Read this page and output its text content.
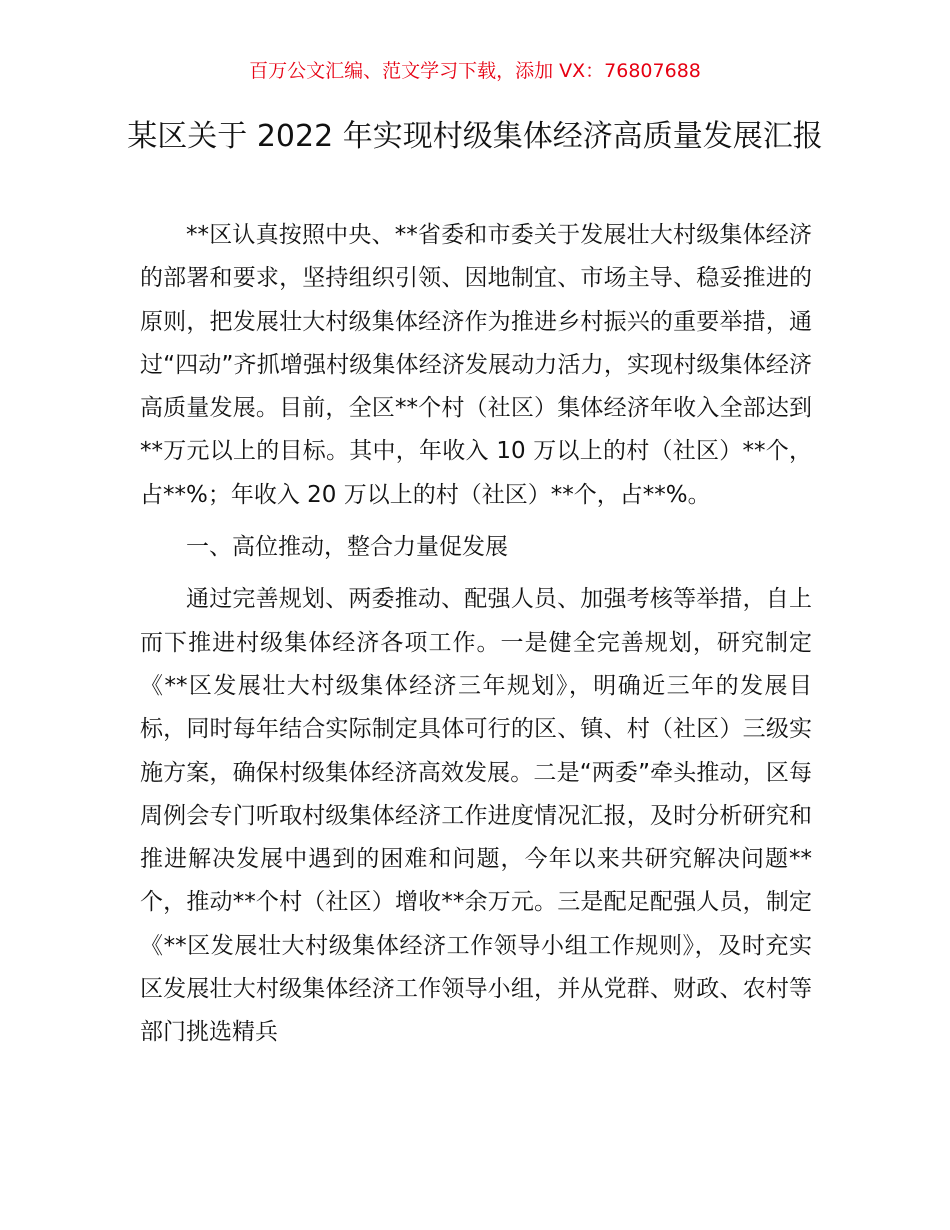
百万公文汇编、范文学习下载，添加 VX：76807688
某区关于 2022 年实现村级集体经济高质量发展汇报

**区认真按照中央、**省委和市委关于发展壮大村级集体经济的部署和要求，坚持组织引领、因地制宜、市场主导、稳妥推进的原则，把发展壮大村级集体经济作为推进乡村振兴的重要举措，通过“四动”齐抓增强村级集体经济发展动力活力，实现村级集体经济高质量发展。目前，全区**个村（社区）集体经济年收入全部达到**万元以上的目标。其中，年收入 10 万以上的村（社区）**个，占**%；年收入 20 万以上的村（社区）**个，占**%。

一、高位推动，整合力量促发展

通过完善规划、两委推动、配强人员、加强考核等举措，自上而下推进村级集体经济各项工作。一是健全完善规划，研究制定《**区发展壮大村级集体经济三年规划》，明确近三年的发展目标，同时每年结合实际制定具体可行的区、镇、村（社区）三级实施方案，确保村级集体经济高效发展。二是“两委”牵头推动，区每周例会专门听取村级集体经济工作进度情况汇报，及时分析研究和推进解决发展中遇到的困难和问题，今年以来共研究解决问题**个，推动**个村（社区）增收**余万元。三是配足配强人员，制定《**区发展壮大村级集体经济工作领导小组工作规则》，及时充实区发展壮大村级集体经济工作领导小组，并从党群、财政、农村等部门挑选精兵
